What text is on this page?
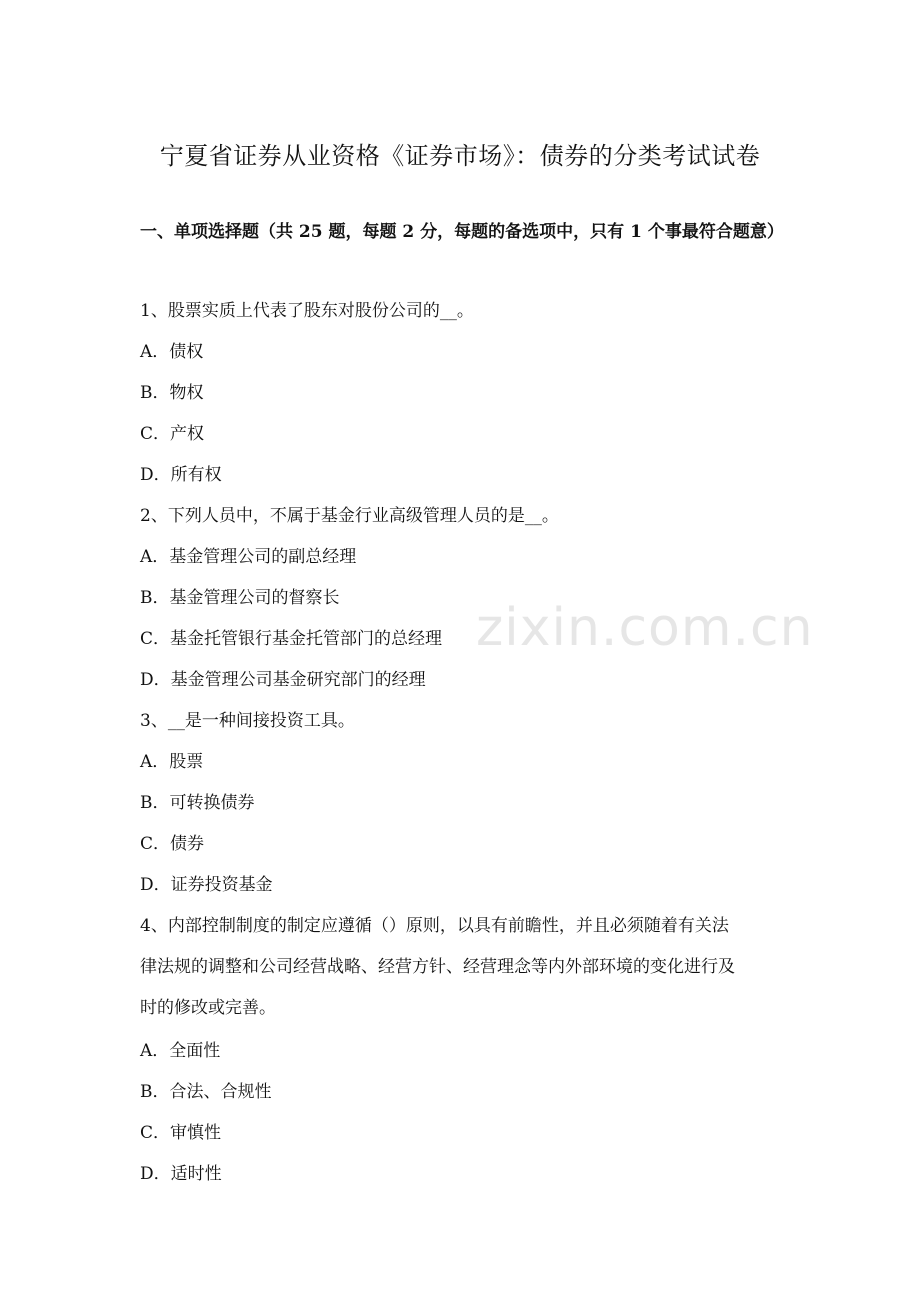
zixin.com.cn
宁夏省证券从业资格《证券市场》：债券的分类考试试卷
一、单项选择题（共 25 题，每题 2 分，每题的备选项中，只有 1 个事最符合题意）
1、股票实质上代表了股东对股份公司的__。
A．债权
B．物权
C．产权
D．所有权
2、下列人员中，不属于基金行业高级管理人员的是__。
A．基金管理公司的副总经理
B．基金管理公司的督察长
C．基金托管银行基金托管部门的总经理
D．基金管理公司基金研究部门的经理
3、__是一种间接投资工具。
A．股票
B．可转换债券
C．债券
D．证券投资基金
4、内部控制制度的制定应遵循（）原则，以具有前瞻性，并且必须随着有关法
律法规的调整和公司经营战略、经营方针、经营理念等内外部环境的变化进行及
时的修改或完善。
A．全面性
B．合法、合规性
C．审慎性
D．适时性
